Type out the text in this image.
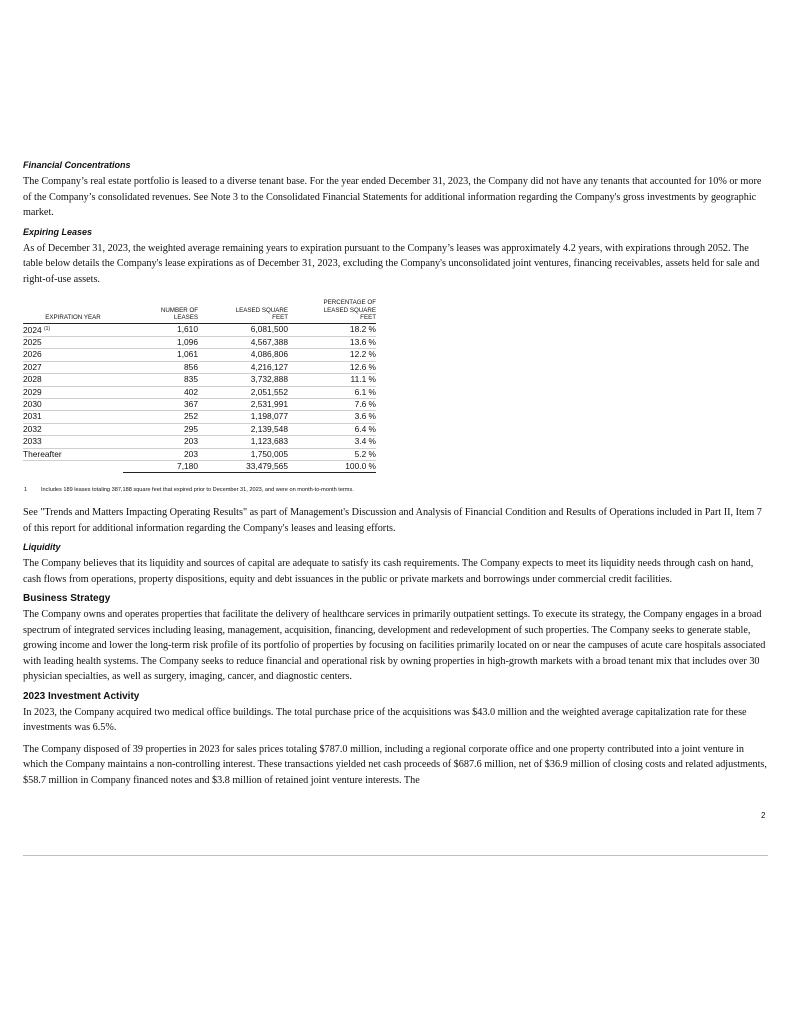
Financial Concentrations

The Company’s real estate portfolio is leased to a diverse tenant base. For the year ended December 31, 2023, the Company did not have any tenants that accounted for 10% or more of the Company’s consolidated revenues. See Note 3 to the Consolidated Financial Statements for additional information regarding the Company's gross investments by geographic market.

Expiring Leases

As of December 31, 2023, the weighted average remaining years to expiration pursuant to the Company’s leases was approximately 4.2 years, with expirations through 2052. The table below details the Company's lease expirations as of December 31, 2023, excluding the Company's unconsolidated joint ventures, financing receivables, assets held for sale and right-of-use assets.

EXPIRATION YEAR	NUMBER OF LEASES	LEASED SQUARE FEET	PERCENTAGE OF LEASED SQUARE FEET
2024 $^{(1)}$	1,610	6,081,500	18.2 %
2025	1,096	4,567,388	13.6 %
2026	1,061	4,086,806	12.2 %
2027	856	4,216,127	12.6 %
2028	835	3,732,888	11.1 %
2029	402	2,051,552	6.1 %
2030	367	2,531,991	7.6 %
2031	252	1,198,077	3.6 %
2032	295	2,139,548	6.4 %
2033	203	1,123,683	3.4 %
Thereafter	203	1,750,005	5.2 %
	7,180	33,479,565	100.0 %
1	Includes 189 leases totaling 387,188 square feet that expired prior to December 31, 2023, and were on month-to-month terms.

See "Trends and Matters Impacting Operating Results" as part of Management's Discussion and Analysis of Financial Condition and Results of Operations included in Part II, Item 7 of this report for additional information regarding the Company's leases and leasing efforts.

Liquidity

The Company believes that its liquidity and sources of capital are adequate to satisfy its cash requirements. The Company expects to meet its liquidity needs through cash on hand, cash flows from operations, property dispositions, equity and debt issuances in the public or private markets and borrowings under commercial credit facilities.

Business Strategy

The Company owns and operates properties that facilitate the delivery of healthcare services in primarily outpatient settings. To execute its strategy, the Company engages in a broad spectrum of integrated services including leasing, management, acquisition, financing, development and redevelopment of such properties. The Company seeks to generate stable, growing income and lower the long-term risk profile of its portfolio of properties by focusing on facilities primarily located on or near the campuses of acute care hospitals associated with leading health systems. The Company seeks to reduce financial and operational risk by owning properties in high-growth markets with a broad tenant mix that includes over 30 physician specialties, as well as surgery, imaging, cancer, and diagnostic centers.

2023 Investment Activity

In 2023, the Company acquired two medical office buildings. The total purchase price of the acquisitions was $43.0 million and the weighted average capitalization rate for these investments was 6.5%.

The Company disposed of 39 properties in 2023 for sales prices totaling $787.0 million, including a regional corporate office and one property contributed into a joint venture in which the Company maintains a non-controlling interest. These transactions yielded net cash proceeds of $687.6 million, net of $36.9 million of closing costs and related adjustments, $58.7 million in Company financed notes and $3.8 million of retained joint venture interests. The

2
